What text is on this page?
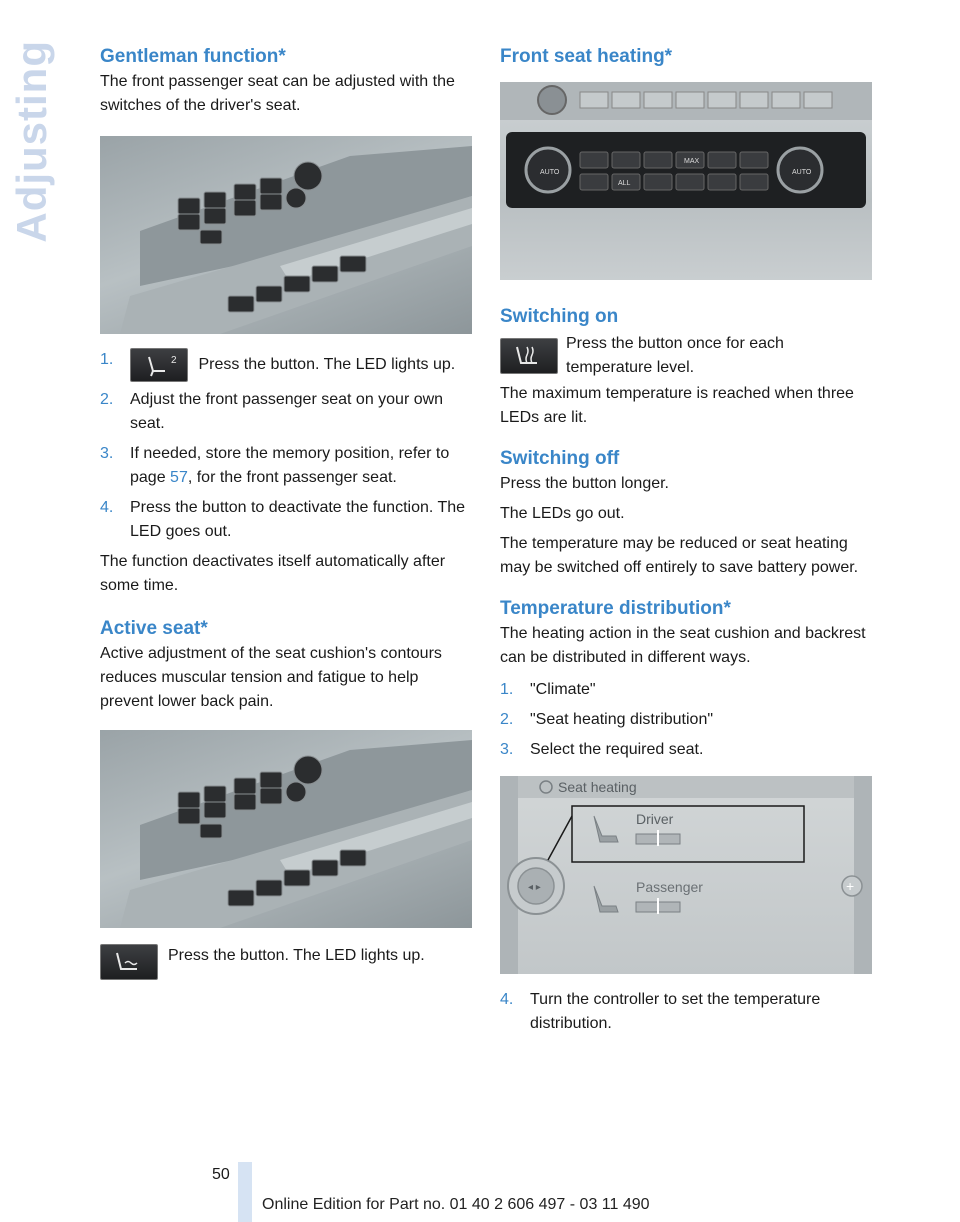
Adjusting Gentleman function*

The front passenger seat can be adjusted with the switches of the driver's seat.

1.	2 Press the button. The LED lights up.
2. Adjust the front passenger seat on your own seat.
3. If needed, store the memory position, refer to page 57, for the front passenger seat.
4. Press the button to deactivate the function. The LED goes out.

The function deactivates itself automatically after some time.

Active seat*

Active adjustment of the seat cushion's contours reduces muscular tension and fatigue to help prevent lower back pain.

Press the button. The LED lights up.

Front seat heating*
AUTO	AUTO
MAX
ALL
Switching on

Press the button once for each temperature level.

The maximum temperature is reached when three LEDs are lit.

Switching off

Press the button longer.

The LEDs go out.

The temperature may be reduced or seat heating may be switched off entirely to save battery power.

Temperature distribution*

The heating action in the seat cushion and backrest can be distributed in different ways.

1. "Climate"
2. "Seat heating distribution"
3. Select the required seat.
Seat heating
◂ ▸
Driver
Passenger	+
4. Turn the controller to set the temperature distribution.
50
Online Edition for Part no. 01 40 2 606 497 - 03 11 490
